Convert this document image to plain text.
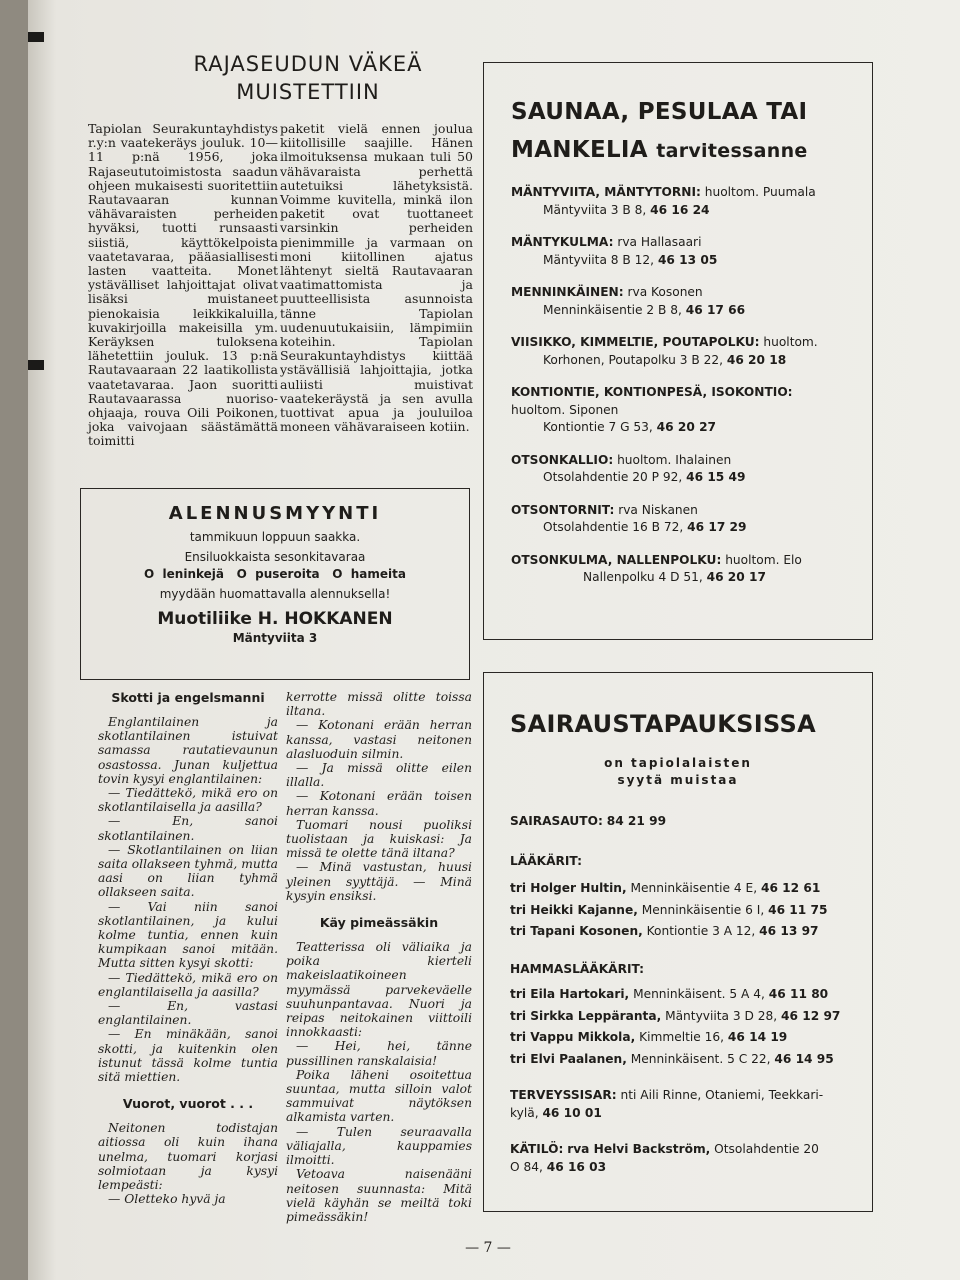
RAJASEUDUN VÄKEÄ
MUISTETTIIN
Tapiolan Seurakuntayhdistys r.y:n vaatekeräys jouluk. 10—11 p:nä 1956, joka Rajaseututoimistosta saadun ohjeen mukaisesti suoritettiin Rautavaaran kunnan vähävaraisten perheiden hyväksi, tuotti runsaasti siistiä, käyttökelpoista vaatetavaraa, pääasiallisesti lasten vaatteita. Monet ystävälliset lahjoittajat olivat lisäksi muistaneet pienokaisia leikkikaluilla, kuvakirjoilla makeisilla ym. Keräyksen tuloksena lähetettiin jouluk. 13 p:nä Rautavaaraan 22 laatikollista vaatetavaraa. Jaon suoritti Rautavaarassa nuoriso-ohjaaja, rouva Oili Poikonen, joka vaivojaan säästämättä toimitti
paketit vielä ennen joulua kiitollisille saajille. Hänen ilmoituksensa mukaan tuli 50 vähävaraista perhettä autetuiksi lähetyksistä. Voimme kuvitella, minkä ilon paketit ovat tuottaneet varsinkin perheiden pienimmille ja varmaan on moni kiitollinen ajatus lähtenyt sieltä Rautavaaran vaatimattomista ja puutteellisista asunnoista tänne Tapiolan uudenuutukaisiin, lämpimiin koteihin. Tapiolan Seurakuntayhdistys kiittää ystävällisiä lahjoittajia, jotka auliisti muistivat vaatekeräystä ja sen avulla tuottivat apua ja jouluiloa moneen vähävaraiseen kotiin.
ALENNUSMYYNTI
tammikuun loppuun saakka.
Ensiluokkaista sesonkitavaraa
O leninkejä O puseroita O hameita
myydään huomattavalla alennuksella!
Muotiliike H. HOKKANEN
Mäntyviita 3
SAUNAA, PESULAA TAI
MANKELIA tarvitessanne
MÄNTYVIITA, MÄNTYTORNI: huoltom. Puumala
Mäntyviita 3 B 8, 46 16 24
MÄNTYKULMA: rva Hallasaari
Mäntyviita 8 B 12, 46 13 05
MENNINKÄINEN: rva Kosonen
Menninkäisentie 2 B 8, 46 17 66
VIISIKKO, KIMMELTIE, POUTAPOLKU: huoltom.
Korhonen, Poutapolku 3 B 22, 46 20 18
KONTIONTIE, KONTIONPESÄ, ISOKONTIO:
huoltom. Siponen
Kontiontie 7 G 53, 46 20 27
OTSONKALLIO: huoltom. Ihalainen
Otsolahdentie 20 P 92, 46 15 49
OTSONTORNIT: rva Niskanen
Otsolahdentie 16 B 72, 46 17 29
OTSONKULMA, NALLENPOLKU: huoltom. Elo
Nallenpolku 4 D 51, 46 20 17
SAIRAUSTAPAUKSISSA
on tapiolalaisten
syytä muistaa
SAIRASAUTO: 84 21 99
LÄÄKÄRIT:
tri Holger Hultin, Menninkäisentie 4 E, 46 12 61
tri Heikki Kajanne, Menninkäisentie 6 I, 46 11 75
tri Tapani Kosonen, Kontiontie 3 A 12, 46 13 97
HAMMASLÄÄKÄRIT:
tri Eila Hartokari, Menninkäisent. 5 A 4, 46 11 80
tri Sirkka Leppäranta, Mäntyviita 3 D 28, 46 12 97
tri Vappu Mikkola, Kimmeltie 16, 46 14 19
tri Elvi Paalanen, Menninkäisent. 5 C 22, 46 14 95
TERVEYSSISAR: nti Aili Rinne, Otaniemi, Teekkari-
kylä, 46 10 01
KÄTILÖ: rva Helvi Backström, Otsolahdentie 20
O 84, 46 16 03
Skotti ja engelsmanni

Englantilainen ja skotlantilainen istuivat samassa rautatievaunun osastossa. Junan kuljettua tovin kysyi englantilainen:

— Tiedättekö, mikä ero on skotlantilaisella ja aasilla?

— En, sanoi skotlantilainen.

— Skotlantilainen on liian saita ollakseen tyhmä, mutta aasi on liian tyhmä ollakseen saita.

— Vai niin sanoi skotlantilainen, ja kului kolme tuntia, ennen kuin kumpikaan sanoi mitään. Mutta sitten kysyi skotti:

— Tiedättekö, mikä ero on englantilaisella ja aasilla?

— En, vastasi englantilainen.

— En minäkään, sanoi skotti, ja kuitenkin olen istunut tässä kolme tuntia sitä miettien.

Vuorot, vuorot . . .

Neitonen todistajan aitiossa oli kuin ihana unelma, tuomari korjasi solmiotaan ja kysyi lempeästi:

— Oletteko hyvä ja

kerrotte missä olitte toissa iltana.

— Kotonani erään herran kanssa, vastasi neitonen alasluoduin silmin.

— Ja missä olitte eilen illalla.

— Kotonani erään toisen herran kanssa.

Tuomari nousi puoliksi tuolistaan ja kuiskasi: Ja missä te olette tänä iltana?

— Minä vastustan, huusi yleinen syyttäjä. — Minä kysyin ensiksi.

Käy pimeässäkin

Teatterissa oli väliaika ja poika kierteli makeislaatikoineen myymässä parvekeväelle suuhunpantavaa. Nuori ja reipas neitokainen viittoili innokkaasti:

— Hei, hei, tänne pussillinen ranskalaisia!

Poika läheni osoitettua suuntaa, mutta silloin valot sammuivat näytöksen alkamista varten.

— Tulen seuraavalla väliajalla, kauppamies ilmoitti.

Vetoava naisenääni neitosen suunnasta: Mitä vielä käyhän se meiltä toki pimeässäkin!

— 7 —
